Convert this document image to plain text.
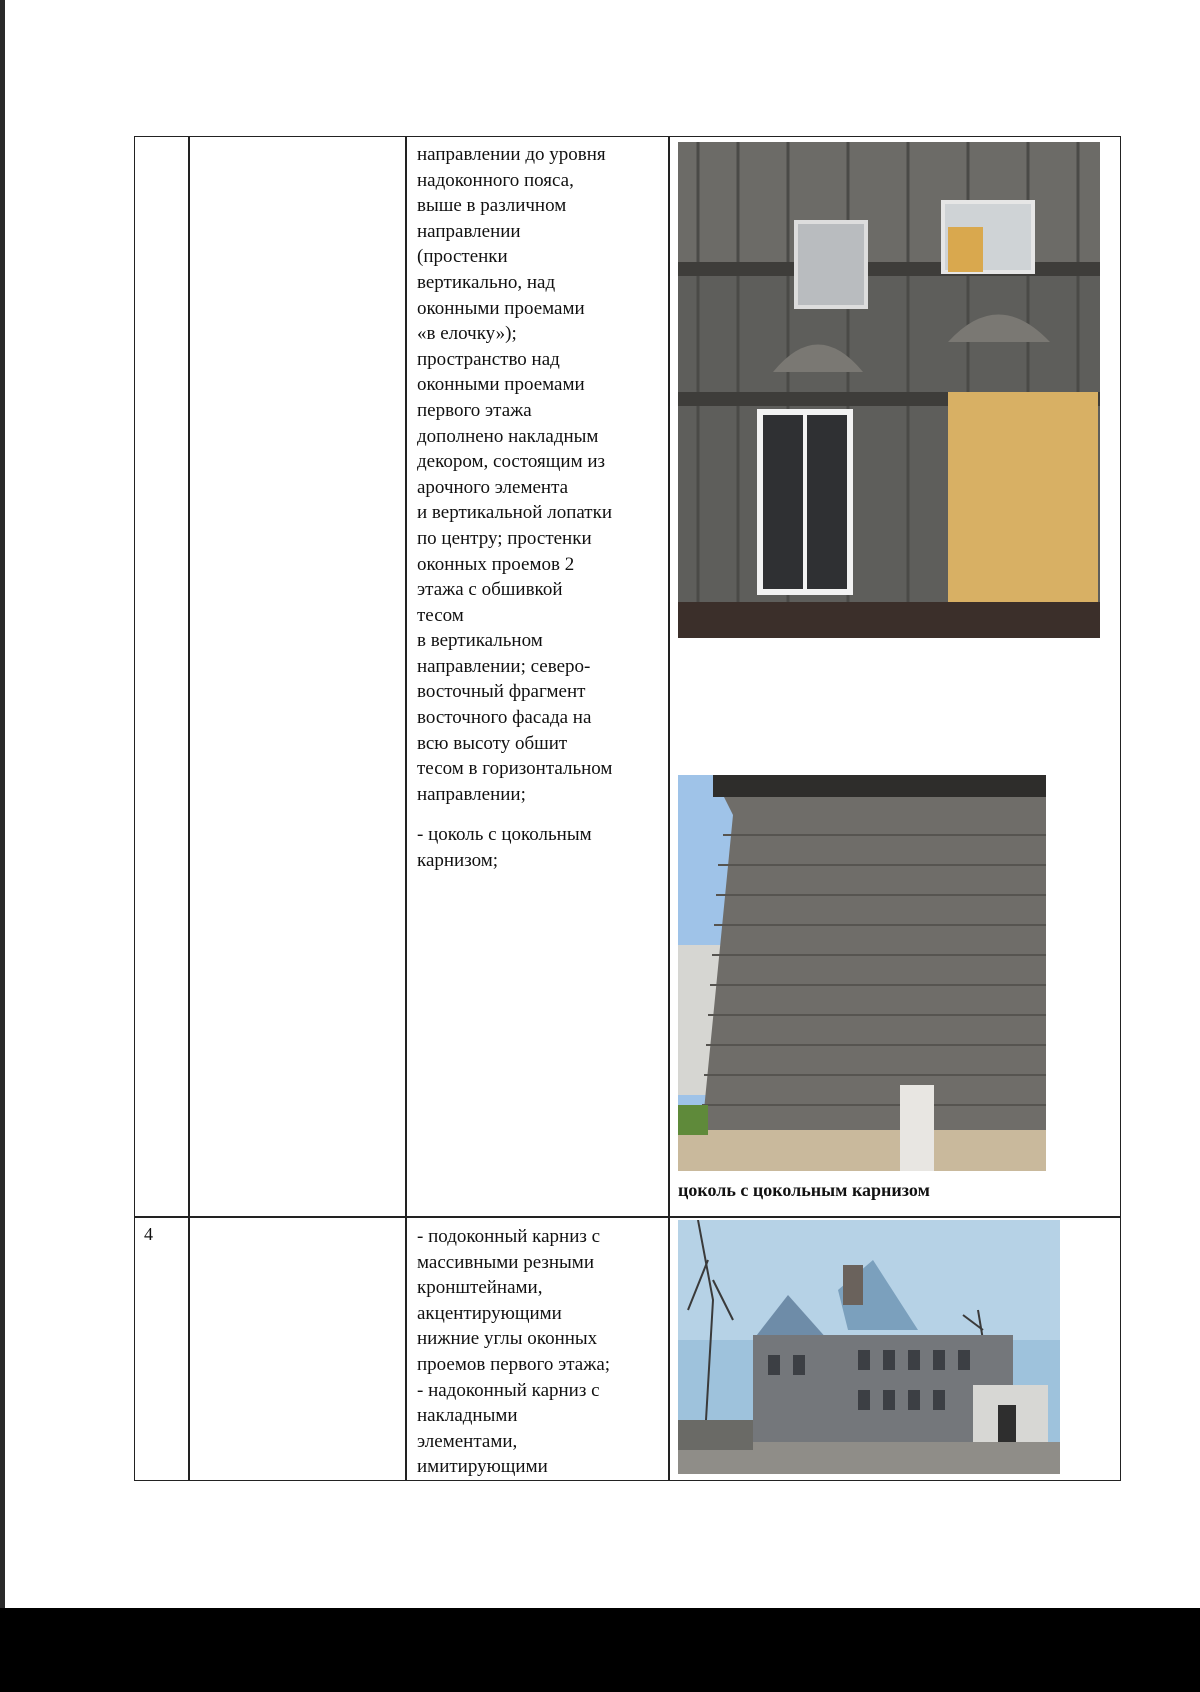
направлении до уровня
надоконного пояса,
выше в различном
направлении
(простенки
вертикально, над
оконными проемами
«в елочку»);
пространство над
оконными проемами
первого этажа
дополнено накладным
декором, состоящим из
арочного элемента
и вертикальной лопатки
по центру; простенки
оконных проемов 2
этажа с обшивкой
тесом
в вертикальном
направлении; северо-
восточный фрагмент
восточного фасада на
всю высоту обшит
тесом в горизонтальном
направлении;

- цоколь с цокольным
карнизом;

цоколь с цокольным карнизом
4	- подоконный карниз с
массивными резными
кронштейнами,
акцентирующими
нижние углы оконных
проемов первого этажа;
- надоконный карниз с
накладными
элементами,
имитирующими
